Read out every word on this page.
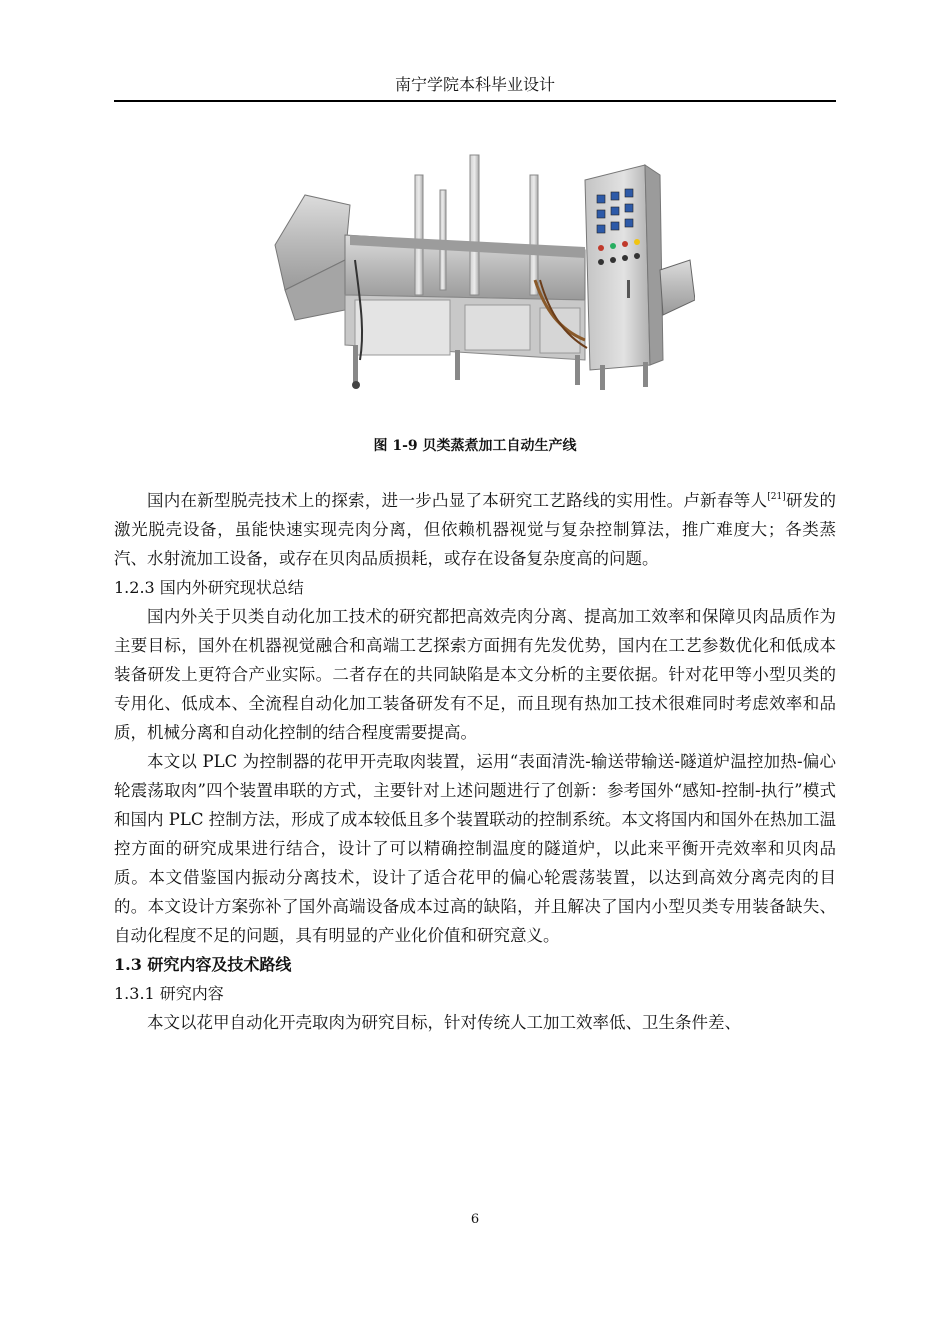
南宁学院本科毕业设计
图 1-9 贝类蒸煮加工自动生产线

国内在新型脱壳技术上的探索，进一步凸显了本研究工艺路线的实用性。卢新春等人[21]研发的激光脱壳设备，虽能快速实现壳肉分离，但依赖机器视觉与复杂控制算法，推广难度大；各类蒸汽、水射流加工设备，或存在贝肉品质损耗，或存在设备复杂度高的问题。

1.2.3 国内外研究现状总结

国内外关于贝类自动化加工技术的研究都把高效壳肉分离、提高加工效率和保障贝肉品质作为主要目标，国外在机器视觉融合和高端工艺探索方面拥有先发优势，国内在工艺参数优化和低成本装备研发上更符合产业实际。二者存在的共同缺陷是本文分析的主要依据。针对花甲等小型贝类的专用化、低成本、全流程自动化加工装备研发有不足，而且现有热加工技术很难同时考虑效率和品质，机械分离和自动化控制的结合程度需要提高。

本文以 PLC 为控制器的花甲开壳取肉装置，运用“表面清洗-输送带输送-隧道炉温控加热-偏心轮震荡取肉”四个装置串联的方式，主要针对上述问题进行了创新：参考国外“感知-控制-执行”模式和国内 PLC 控制方法，形成了成本较低且多个装置联动的控制系统。本文将国内和国外在热加工温控方面的研究成果进行结合，设计了可以精确控制温度的隧道炉，以此来平衡开壳效率和贝肉品质。本文借鉴国内振动分离技术，设计了适合花甲的偏心轮震荡装置，以达到高效分离壳肉的目的。本文设计方案弥补了国外高端设备成本过高的缺陷，并且解决了国内小型贝类专用装备缺失、自动化程度不足的问题，具有明显的产业化价值和研究意义。

1.3 研究内容及技术路线

1.3.1 研究内容

本文以花甲自动化开壳取肉为研究目标，针对传统人工加工效率低、卫生条件差、

6
